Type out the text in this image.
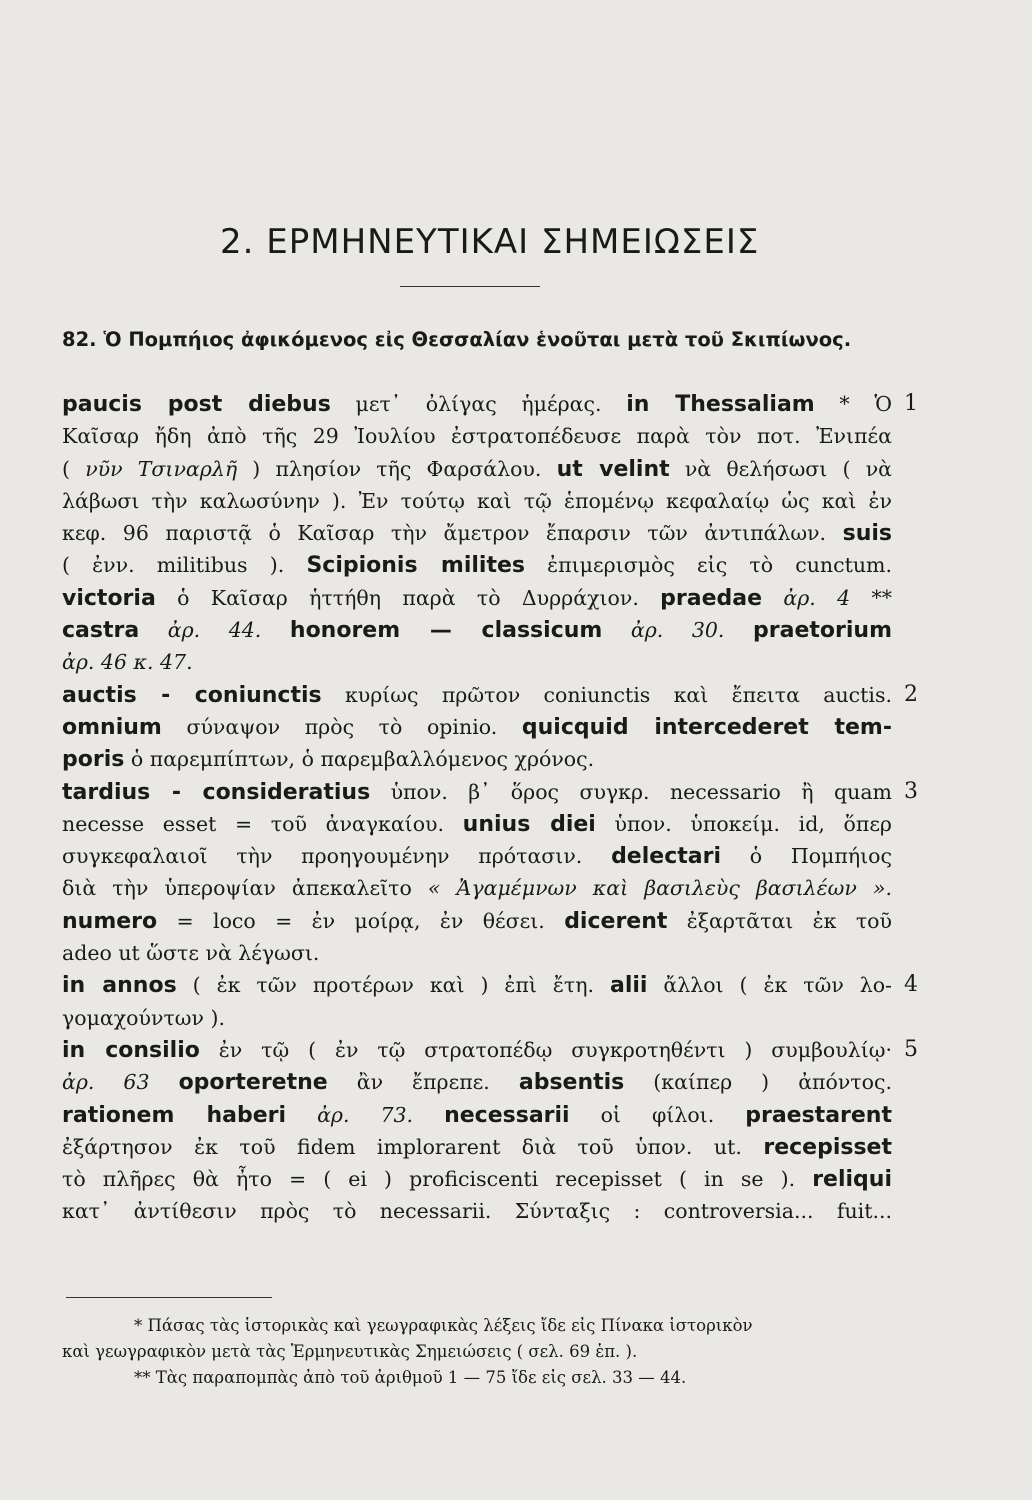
2. ΕΡΜΗΝΕΥΤΙΚΑΙ ΣΗΜΕΙΩΣΕΙΣ
82. Ὁ Πομπήιος ἀφικόμενος εἰς Θεσσαλίαν ἑνοῦται μετὰ τοῦ Σκιπίωνος.
paucis post diebus μετ᾽ ὀλίγας ἡμέρας. in Thessaliam * Ὁ 1
Καῖσαρ ἤδη ἀπὸ τῆς 29 Ἰουλίου ἐστρατοπέδευσε παρὰ τὸν ποτ. Ἐνιπέα
( νῦν Τσιναρλῆ ) πλησίον τῆς Φαρσάλου. ut velint νὰ θελήσωσι ( νὰ
λάβωσι τὴν καλωσύνην ). Ἐν τούτῳ καὶ τῷ ἑπομένῳ κεφαλαίῳ ὡς καὶ ἐν
κεφ. 96 παριστᾷ ὁ Καῖσαρ τὴν ἄμετρον ἔπαρσιν τῶν ἀντιπάλων. suis
( ἐνν. militibus ). Scipionis milites ἐπιμερισμὸς εἰς τὸ cunctum.
victoria ὁ Καῖσαρ ἡττήθη παρὰ τὸ Δυρράχιον. praedae ἀρ. 4 **
castra ἀρ. 44. honorem — classicum ἀρ. 30. praetorium
ἀρ. 46 κ. 47.
auctis - coniunctis κυρίως πρῶτον coniunctis καὶ ἔπειτα auctis. 2
omnium σύναψον πρὸς τὸ opinio. quicquid intercederet tem-
poris ὁ παρεμπίπτων, ὁ παρεμβαλλόμενος χρόνος.
tardius - consideratius ὑπον. β᾽ ὅρος συγκρ. necessario ἢ quam 3
necesse esset = τοῦ ἀναγκαίου. unius diei ὑπον. ὑποκείμ. id, ὅπερ
συγκεφαλαιοῖ τὴν προηγουμένην πρότασιν. delectari ὁ Πομπήιος
διὰ τὴν ὑπεροψίαν ἀπεκαλεῖτο « Ἀγαμέμνων καὶ βασιλεὺς βασιλέων ».
numero = loco = ἐν μοίρᾳ, ἐν θέσει. dicerent ἐξαρτᾶται ἐκ τοῦ
adeo ut ὥστε νὰ λέγωσι.
in annos ( ἐκ τῶν προτέρων καὶ ) ἐπὶ ἔτη. alii ἄλλοι ( ἐκ τῶν λο- 4
γομαχούντων ).
in consilio ἐν τῷ ( ἐν τῷ στρατοπέδῳ συγκροτηθέντι ) συμβουλίῳ· 5
ἀρ. 63 oporteretne ἂν ἔπρεπε. absentis (καίπερ ) ἀπόντος.
rationem haberi ἀρ. 73. necessarii οἱ φίλοι. praestarent
ἐξάρτησον ἐκ τοῦ fidem implorarent διὰ τοῦ ὑπον. ut. recepisset
τὸ πλῆρες θὰ ἦτο = ( ei ) proficiscenti recepisset ( in se ). reliqui
κατ᾽ ἀντίθεσιν πρὸς τὸ necessarii. Σύνταξις : controversia... fuit...
* Πάσας τὰς ἱστορικὰς καὶ γεωγραφικὰς λέξεις ἴδε εἰς Πίνακα ἱστορικὸν
καὶ γεωγραφικὸν μετὰ τὰς Ἑρμηνευτικὰς Σημειώσεις ( σελ. 69 ἑπ. ).
** Τὰς παραπομπὰς ἀπὸ τοῦ ἀριθμοῦ 1 — 75 ἴδε εἰς σελ. 33 — 44.
